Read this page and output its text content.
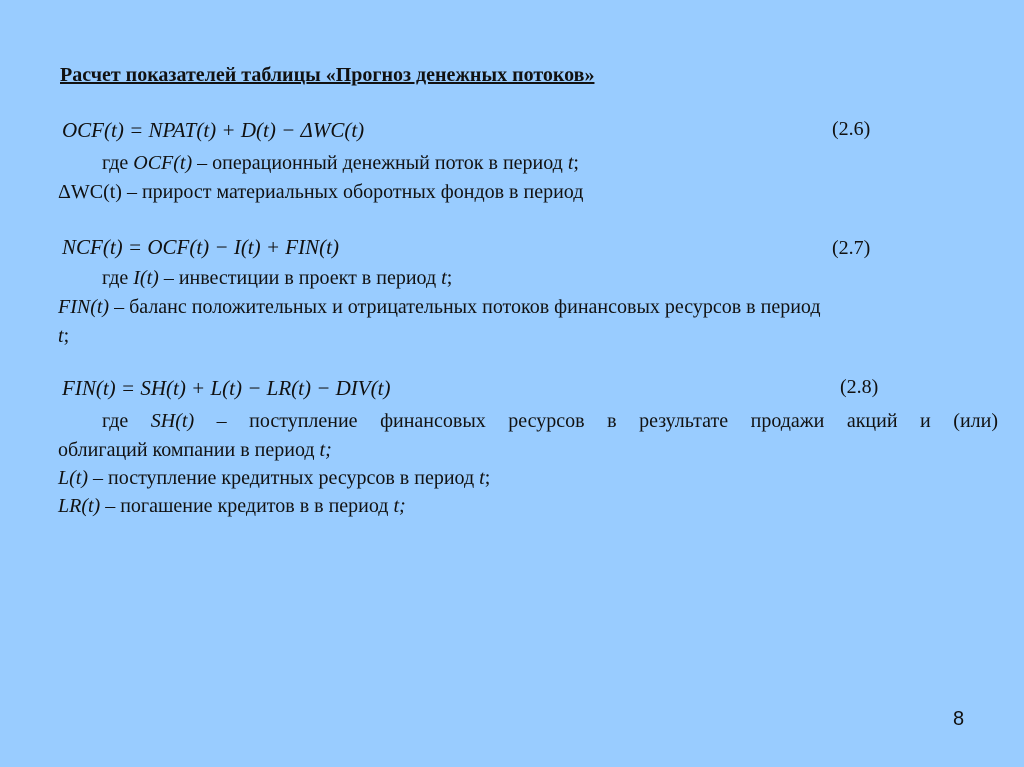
Расчет показателей таблицы «Прогноз денежных потоков»
OCF(t) = NPAT(t) + D(t) − ΔWC(t)	(2.6)
где OCF(t) – операционный денежный поток в период t;
ΔWC(t) – прирост материальных оборотных фондов в период
NCF(t) = OCF(t) − I(t) + FIN(t)	(2.7)
где I(t) – инвестиции в проект в период t;
FIN(t) – баланс положительных и отрицательных потоков финансовых ресурсов в период
t;
FIN(t) = SH(t) + L(t) − LR(t) − DIV(t)	(2.8)
где SH(t) – поступление финансовых ресурсов в результате продажи акций и (или)
облигаций компании в период t;
L(t) – поступление кредитных ресурсов в период t;
LR(t) – погашение кредитов в в период t;
8
